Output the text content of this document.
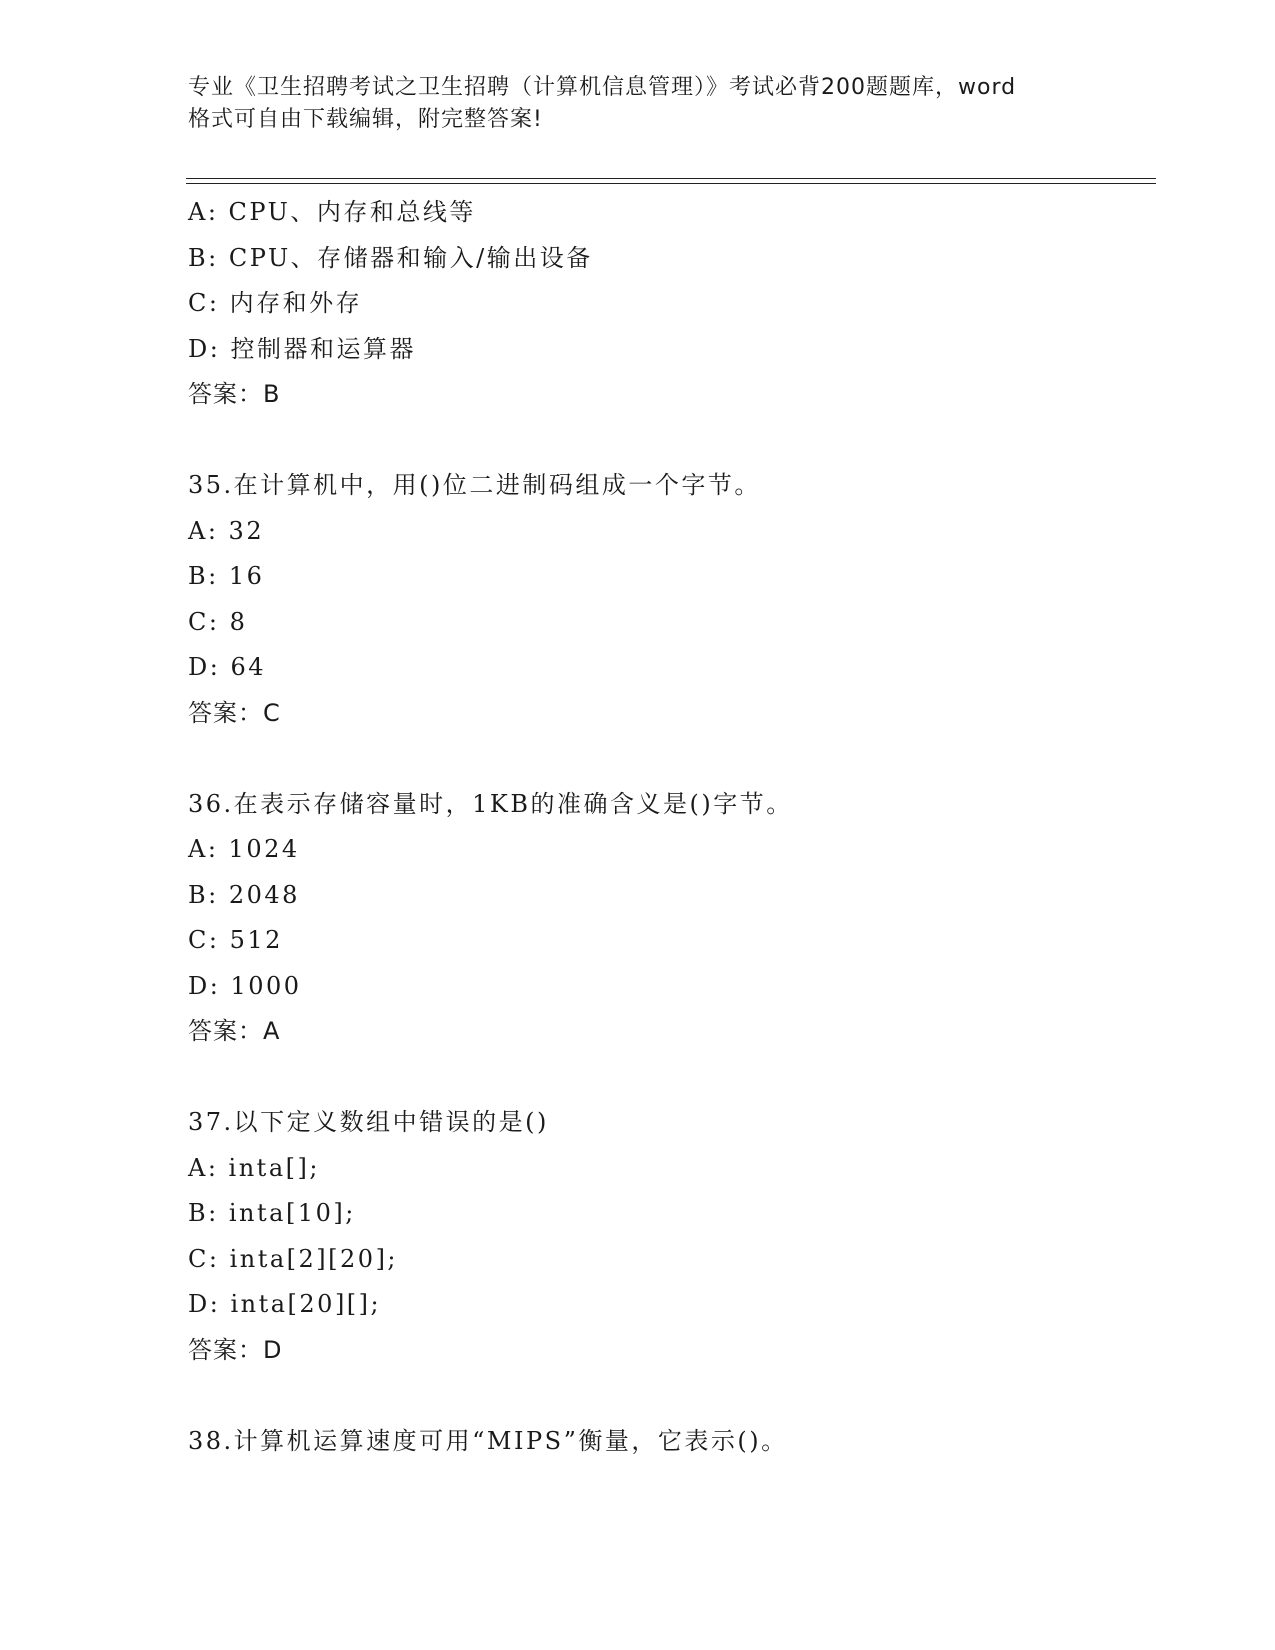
专业《卫生招聘考试之卫生招聘（计算机信息管理）》考试必背200题题库，word
格式可自由下载编辑，附完整答案!
A: CPU、内存和总线等
B: CPU、存储器和输入/输出设备
C: 内存和外存
D: 控制器和运算器
答案：B
35.在计算机中，用()位二进制码组成一个字节。
A: 32
B: 16
C: 8
D: 64
答案：C
36.在表示存储容量时，1KB的准确含义是()字节。
A: 1024
B: 2048
C: 512
D: 1000
答案：A
37.以下定义数组中错误的是()
A: inta[];
B: inta[10];
C: inta[2][20];
D: inta[20][];
答案：D
38.计算机运算速度可用“MIPS”衡量，它表示()。
